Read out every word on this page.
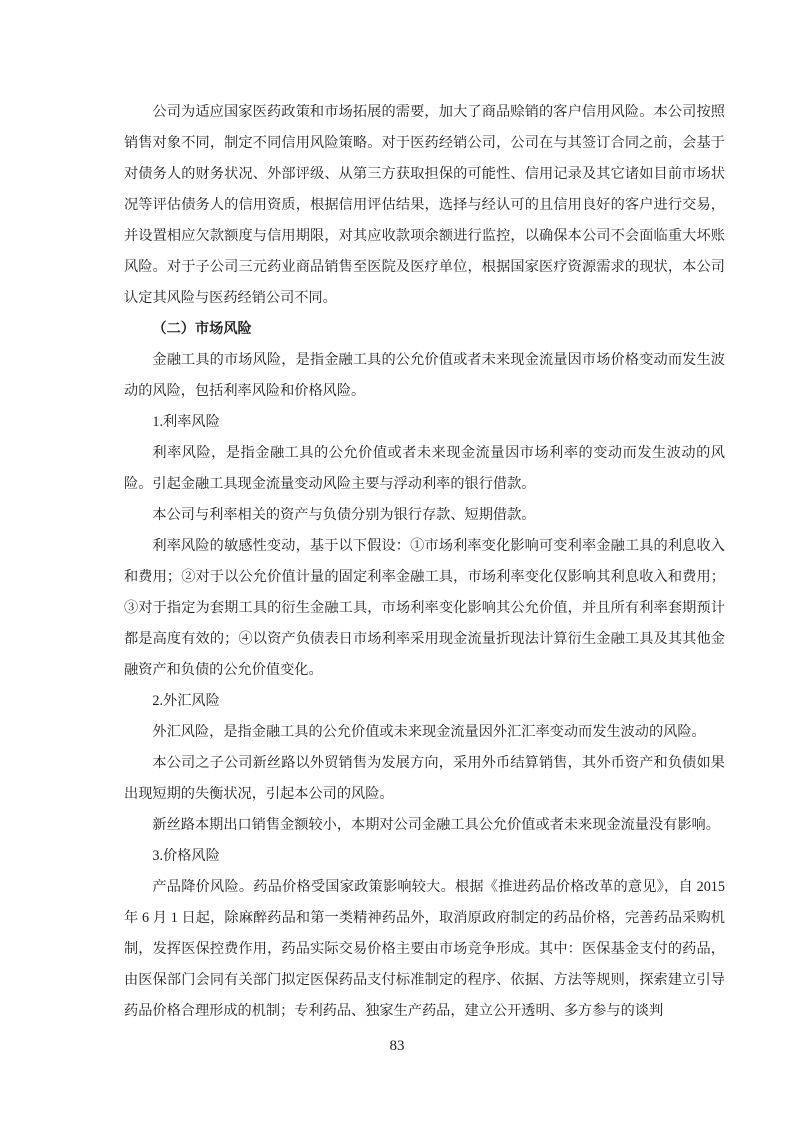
公司为适应国家医药政策和市场拓展的需要，加大了商品赊销的客户信用风险。本公司按照销售对象不同，制定不同信用风险策略。对于医药经销公司，公司在与其签订合同之前，会基于对债务人的财务状况、外部评级、从第三方获取担保的可能性、信用记录及其它诸如目前市场状况等评估债务人的信用资质，根据信用评估结果，选择与经认可的且信用良好的客户进行交易，并设置相应欠款额度与信用期限，对其应收款项余额进行监控，以确保本公司不会面临重大坏账风险。对于子公司三元药业商品销售至医院及医疗单位，根据国家医疗资源需求的现状，本公司认定其风险与医药经销公司不同。

（二）市场风险

金融工具的市场风险，是指金融工具的公允价值或者未来现金流量因市场价格变动而发生波动的风险，包括利率风险和价格风险。

1.利率风险

利率风险，是指金融工具的公允价值或者未来现金流量因市场利率的变动而发生波动的风险。引起金融工具现金流量变动风险主要与浮动利率的银行借款。

本公司与利率相关的资产与负债分别为银行存款、短期借款。

利率风险的敏感性变动，基于以下假设：①市场利率变化影响可变利率金融工具的利息收入和费用；②对于以公允价值计量的固定利率金融工具，市场利率变化仅影响其利息收入和费用；③对于指定为套期工具的衍生金融工具，市场利率变化影响其公允价值，并且所有利率套期预计都是高度有效的；④以资产负债表日市场利率采用现金流量折现法计算衍生金融工具及其其他金融资产和负债的公允价值变化。

2.外汇风险

外汇风险，是指金融工具的公允价值或未来现金流量因外汇汇率变动而发生波动的风险。

本公司之子公司新丝路以外贸销售为发展方向，采用外币结算销售，其外币资产和负债如果出现短期的失衡状况，引起本公司的风险。

新丝路本期出口销售金额较小，本期对公司金融工具公允价值或者未来现金流量没有影响。

3.价格风险

产品降价风险。药品价格受国家政策影响较大。根据《推进药品价格改革的意见》，自 2015 年 6 月 1 日起，除麻醉药品和第一类精神药品外，取消原政府制定的药品价格，完善药品采购机制，发挥医保控费作用，药品实际交易价格主要由市场竞争形成。其中：医保基金支付的药品，由医保部门会同有关部门拟定医保药品支付标准制定的程序、依据、方法等规则，探索建立引导药品价格合理形成的机制；专利药品、独家生产药品，建立公开透明、多方参与的谈判

83
